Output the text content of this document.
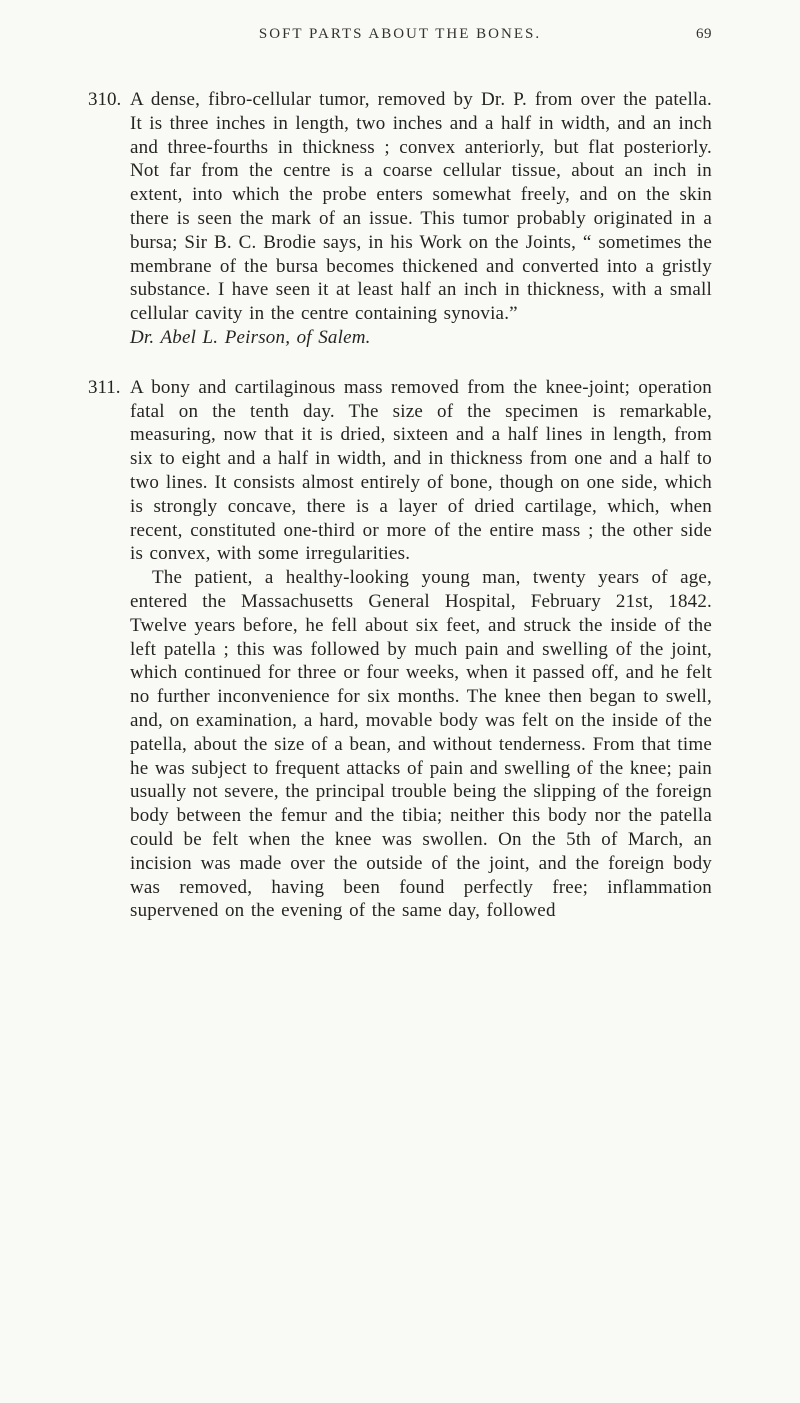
SOFT PARTS ABOUT THE BONES.	69
310. A dense, fibro-cellular tumor, removed by Dr. P. from over the patella. It is three inches in length, two inches and a half in width, and an inch and three-fourths in thickness ; convex anteriorly, but flat posteriorly. Not far from the centre is a coarse cellular tissue, about an inch in extent, into which the probe enters somewhat freely, and on the skin there is seen the mark of an issue. This tumor probably originated in a bursa; Sir B. C. Brodie says, in his Work on the Joints, “ sometimes the membrane of the bursa becomes thickened and converted into a gristly substance. I have seen it at least half an inch in thickness, with a small cellular cavity in the centre containing synovia.”

Dr. Abel L. Peirson, of Salem.

311. A bony and cartilaginous mass removed from the knee-joint; operation fatal on the tenth day. The size of the specimen is remarkable, measuring, now that it is dried, sixteen and a half lines in length, from six to eight and a half in width, and in thickness from one and a half to two lines. It consists almost entirely of bone, though on one side, which is strongly concave, there is a layer of dried cartilage, which, when recent, constituted one-third or more of the entire mass ; the other side is convex, with some irregularities.

The patient, a healthy-looking young man, twenty years of age, entered the Massachusetts General Hospital, February 21st, 1842. Twelve years before, he fell about six feet, and struck the inside of the left patella ; this was followed by much pain and swelling of the joint, which continued for three or four weeks, when it passed off, and he felt no further inconvenience for six months. The knee then began to swell, and, on examination, a hard, movable body was felt on the inside of the patella, about the size of a bean, and without tenderness. From that time he was subject to frequent attacks of pain and swelling of the knee; pain usually not severe, the principal trouble being the slipping of the foreign body between the femur and the tibia; neither this body nor the patella could be felt when the knee was swollen. On the 5th of March, an incision was made over the outside of the joint, and the foreign body was removed, having been found perfectly free; inflammation supervened on the evening of the same day, followed
